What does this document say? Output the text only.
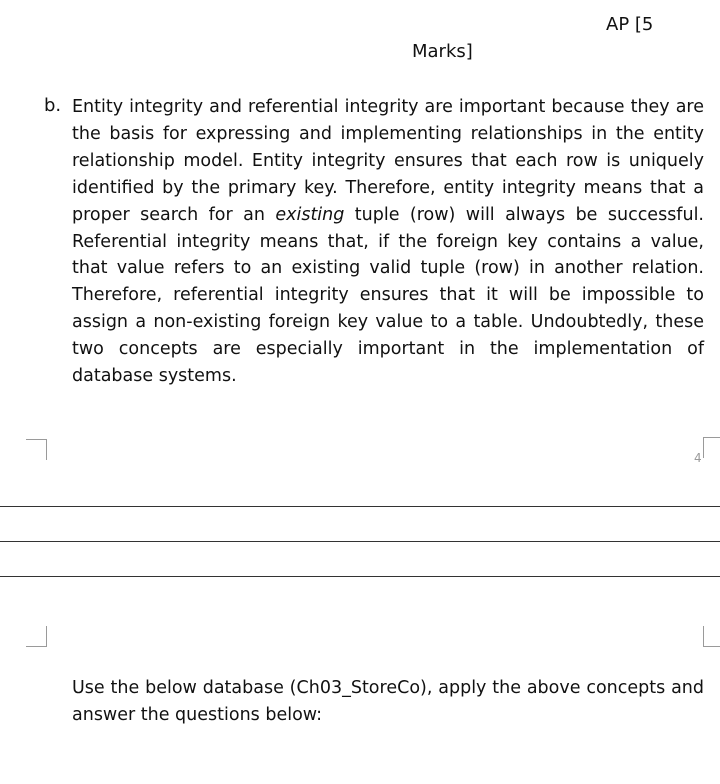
AP [5
Marks]
b. Entity integrity and referential integrity are important because they are the basis for expressing and implementing relationships in the entity relationship model. Entity integrity ensures that each row is uniquely identified by the primary key. Therefore, entity integrity means that a proper search for an existing tuple (row) will always be successful. Referential integrity means that, if the foreign key contains a value, that value refers to an existing valid tuple (row) in another relation. Therefore, referential integrity ensures that it will be impossible to assign a non-existing foreign key value to a table. Undoubtedly, these two concepts are especially important in the implementation of database systems.
4
Use the below database (Ch03_StoreCo), apply the above concepts and answer the questions below:
